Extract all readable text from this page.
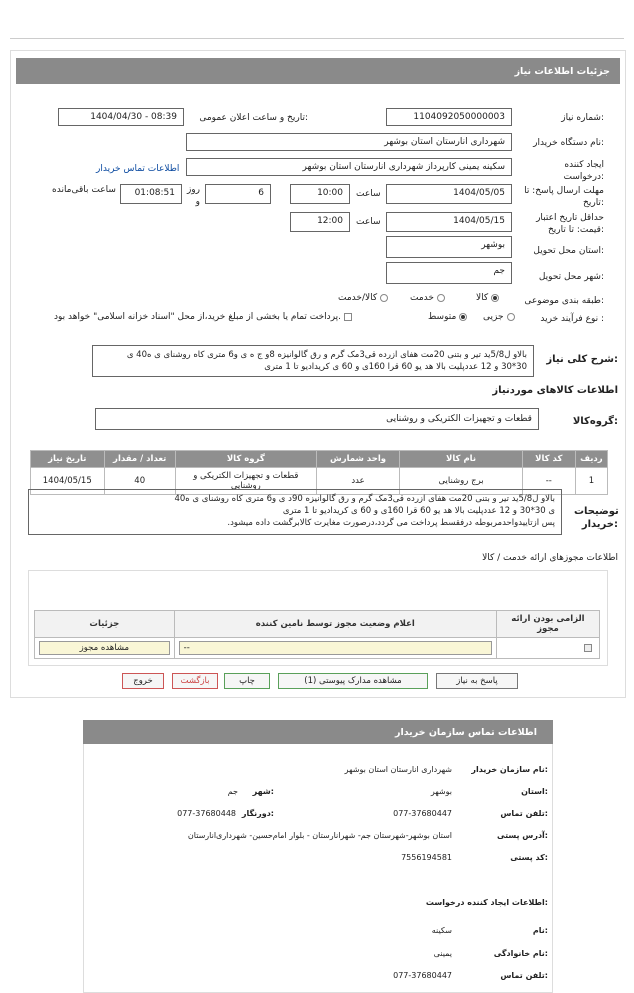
جزئیات اطلاعات نیاز
شماره نیاز:
1104092050000003
تاریخ و ساعت اعلان عمومی:
1404/04/30 - 08:39
نام دستگاه خریدار:
شهرداری انارستان استان بوشهر
ایجاد کننده درخواست:
سکینه یمینی کارپرداز شهرداری انارستان استان بوشهر
اطلاعات تماس خریدار
مهلت ارسال پاسخ: تا تاریخ:
1404/05/05
ساعت
10:00
6
روز و
01:08:51
ساعت باقی‌مانده
حداقل تاریخ اعتبار قیمت: تا تاریخ:
1404/05/15
ساعت
12:00
استان محل تحویل:
بوشهر
شهر محل تحویل:
جم
طبقه بندی موضوعی:
کالا
خدمت
کالا/خدمت
نوع فرآیند خرید :
جزیی
متوسط
پرداخت تمام یا بخشی از مبلغ خرید،از محل "اسناد خزانه اسلامی" خواهد بود.
شرح کلی نیاز:
بالاو ل5/8ید تیر و بتنی 20مت هفای ازرده قی3مک گرم و رق گالوانیزه 8و ج ه ی و6 متری کاه روشنای ی ه40 ی 30*30 و 12 عددپلیت بالا هد یو 60 قرا 160ی و 60 ی کریدادیو تا 1 متری
اطلاعات کالاهای موردنیاز
گروه‌کالا:
قطعات و تجهیزات الکتریکی و روشنایی
ردیف	کد کالا	نام کالا	واحد شمارش	گروه کالا	تعداد / مقدار	تاریخ نیاز
1	--	برج روشنایی	عدد	قطعات و تجهیزات الکتریکی و روشنایی	40	1404/05/15
توضیحات خریدار:
بالاو ل5/8ید تیر و بتنی 20مت هفای ازرده قی3مک گرم و رق گالوانیزه 90د ی و6 متری کاه روشنای ی ه40
ی 30*30 و 12 عددپلیت بالا هد یو 60 قرا 160ی و 60 ی کریدادیو تا 1 متری
پس ازتاییدواحدمربوطه درفقسط پرداخت می گردد،درصورت مغایرت کالابرگشت داده میشود.
اطلاعات مجوزهای ارائه خدمت / کالا
الزامی بودن ارائه مجوز	اعلام وضعیت مجوز توسط نامین کننده	جزئیات

	--	مشاهده مجوز
پاسخ به نیاز
مشاهده مدارک پیوستی (1)
چاپ
بازگشت
خروج
اطلاعات تماس سازمان خریدار
نام سازمان خریدار:
شهرداری انارستان استان بوشهر
استان:
بوشهر
شهر:
جم
تلفن تماس:
077-37680447
دورنگار:
077-37680448
آدرس پستی:
استان بوشهر-شهرستان جم- شهرانارستان - بلوار امام‌حسین- شهرداری‌انارستان
کد پستی:
7556194581
اطلاعات ایجاد کننده درخواست:
نام:
سکینه
نام خانوادگی:
یمینی
تلفن تماس:
077-37680447
